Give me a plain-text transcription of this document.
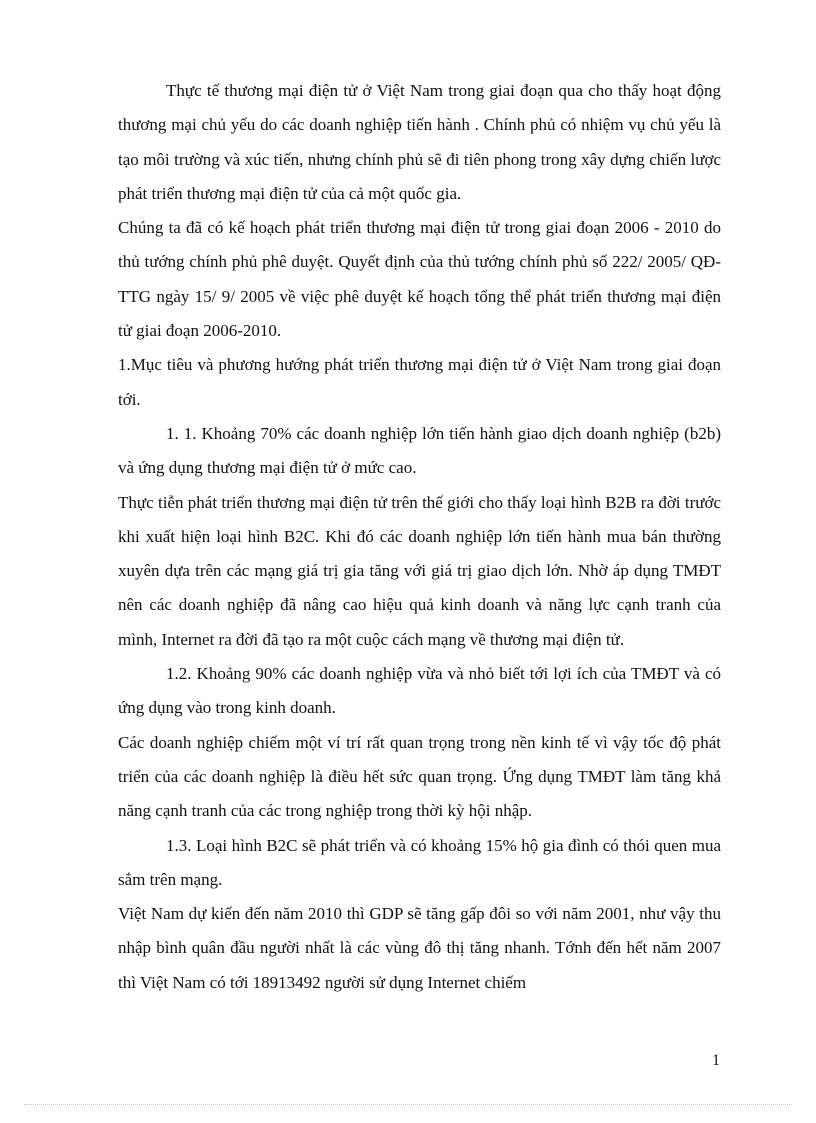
Thực tế thương mại điện tử ở Việt Nam trong giai đoạn qua cho thấy hoạt động thương mại chủ yếu do các doanh nghiệp tiến hành . Chính phủ có nhiệm vụ chủ yếu là tạo môi trường và xúc tiến, nhưng chính phủ sẽ đi tiên phong trong xây dựng chiến lược phát triển thương mại điện tử của cả một quốc gia.

Chúng ta đã có kế hoạch phát triển thương mại điện tử trong giai đoạn 2006 - 2010 do thủ tướng chính phủ phê duyệt. Quyết định của thủ tướng chính phủ số 222/ 2005/ QĐ-TTG ngày 15/ 9/ 2005 về việc phê duyệt kế hoạch tổng thể phát triển thương mại điện tử giai đoạn 2006-2010.

1.Mục tiêu và phương hướng phát triển thương mại điện tử ở Việt Nam trong giai đoạn tới.

1. 1. Khoảng 70% các doanh nghiệp lớn tiến hành giao dịch doanh nghiệp (b2b) và ứng dụng thương mại điện tử ở mức cao.

Thực tiễn phát triển thương mại điện tử trên thế giới cho thấy loại hình B2B ra đời trước khi xuất hiện loại hình B2C. Khi đó các doanh nghiệp lớn tiến hành mua bán thường xuyên dựa trên các mạng giá trị gia tăng với giá trị giao dịch lớn. Nhờ áp dụng TMĐT nên các doanh nghiệp đã nâng cao hiệu quả kinh doanh và năng lực cạnh tranh của mình, Internet ra đời đã tạo ra một cuộc cách mạng về thương mại điện tử.

1.2. Khoảng 90% các doanh nghiệp vừa và nhỏ biết tới lợi ích của TMĐT và có ứng dụng vào trong kinh doanh.

Các doanh nghiệp chiếm một ví trí rất quan trọng trong nền kinh tế vì vậy tốc độ phát triển của các doanh nghiệp là điều hết sức quan trọng. Ứng dụng TMĐT làm tăng khả năng cạnh tranh của các trong nghiệp trong thời kỳ hội nhập.

1.3. Loại hình B2C sẽ phát triển và có khoảng 15% hộ gia đình có thói quen mua sắm trên mạng.

Việt Nam dự kiến đến năm 2010 thì GDP sẽ tăng gấp đôi so với năm 2001, như vậy thu nhập bình quân đầu người nhất là các vùng đô thị tăng nhanh. Tớnh đến hết năm 2007 thì Việt Nam có tới 18913492 người sử dụng Internet chiếm

1
